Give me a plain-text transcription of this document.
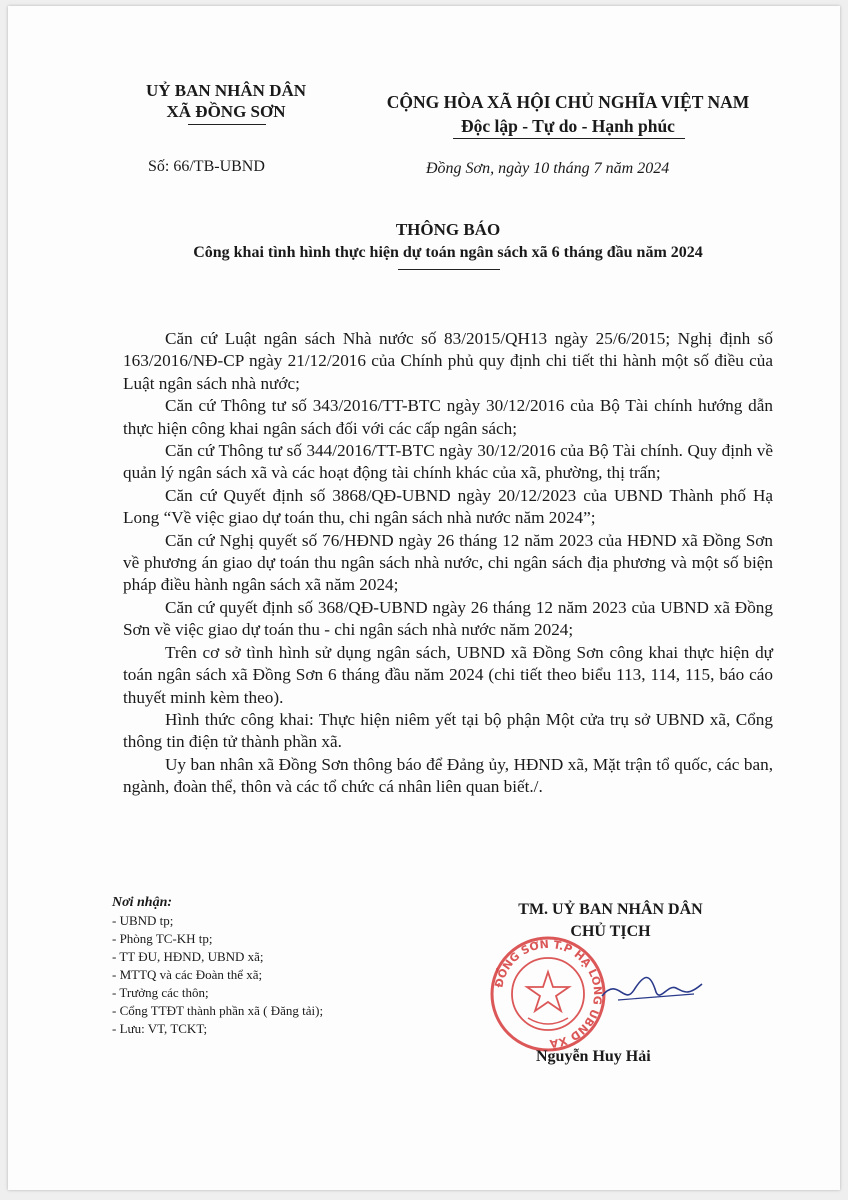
UỶ BAN NHÂN DÂN
XÃ ĐỒNG SƠN	CỘNG HÒA XÃ HỘI CHỦ NGHĨA VIỆT NAM
Độc lập - Tự do - Hạnh phúc
Số: 66/TB-UBND	Đồng Sơn, ngày 10 tháng 7 năm 2024
THÔNG BÁO
Công khai tình hình thực hiện dự toán ngân sách xã 6 tháng đầu năm 2024

Căn cứ Luật ngân sách Nhà nước số 83/2015/QH13 ngày 25/6/2015; Nghị định số 163/2016/NĐ-CP ngày 21/12/2016 của Chính phủ quy định chi tiết thi hành một số điều của Luật ngân sách nhà nước;

Căn cứ Thông tư số 343/2016/TT-BTC ngày 30/12/2016 của Bộ Tài chính hướng dẫn thực hiện công khai ngân sách đối với các cấp ngân sách;

Căn cứ Thông tư số 344/2016/TT-BTC ngày 30/12/2016 của Bộ Tài chính. Quy định về quản lý ngân sách xã và các hoạt động tài chính khác của xã, phường, thị trấn;

Căn cứ Quyết định số 3868/QĐ-UBND ngày 20/12/2023 của UBND Thành phố Hạ Long “Về việc giao dự toán thu, chi ngân sách nhà nước năm 2024”;

Căn cứ Nghị quyết số 76/HĐND ngày 26 tháng 12 năm 2023 của HĐND xã Đồng Sơn về phương án giao dự toán thu ngân sách nhà nước, chi ngân sách địa phương và một số biện pháp điều hành ngân sách xã năm 2024;

Căn cứ quyết định số 368/QĐ-UBND ngày 26 tháng 12 năm 2023 của UBND xã Đồng Sơn về việc giao dự toán thu - chi ngân sách nhà nước năm 2024;

Trên cơ sở tình hình sử dụng ngân sách, UBND xã Đồng Sơn công khai thực hiện dự toán ngân sách xã Đồng Sơn 6 tháng đầu năm 2024 (chi tiết theo biểu 113, 114, 115, báo cáo thuyết minh kèm theo).

Hình thức công khai: Thực hiện niêm yết tại bộ phận Một cửa trụ sở UBND xã, Cổng thông tin điện tử thành phần xã.

Uy ban nhân xã Đồng Sơn thông báo để Đảng ủy, HĐND xã, Mặt trận tổ quốc, các ban, ngành, đoàn thể, thôn và các tổ chức cá nhân liên quan biết./.

Nơi nhận:
- UBND tp;
- Phòng TC-KH tp;
- TT ĐU, HĐND, UBND xã;
- MTTQ và các Đoàn thể xã;
- Trưởng các thôn;
- Cổng TTĐT thành phần xã ( Đăng tải);
- Lưu: VT, TCKT;
TM. UỶ BAN NHÂN DÂN
CHỦ TỊCH
ĐỒNG SƠN T.P HẠ LONG UBND XÃ
Nguyễn Huy Hải
